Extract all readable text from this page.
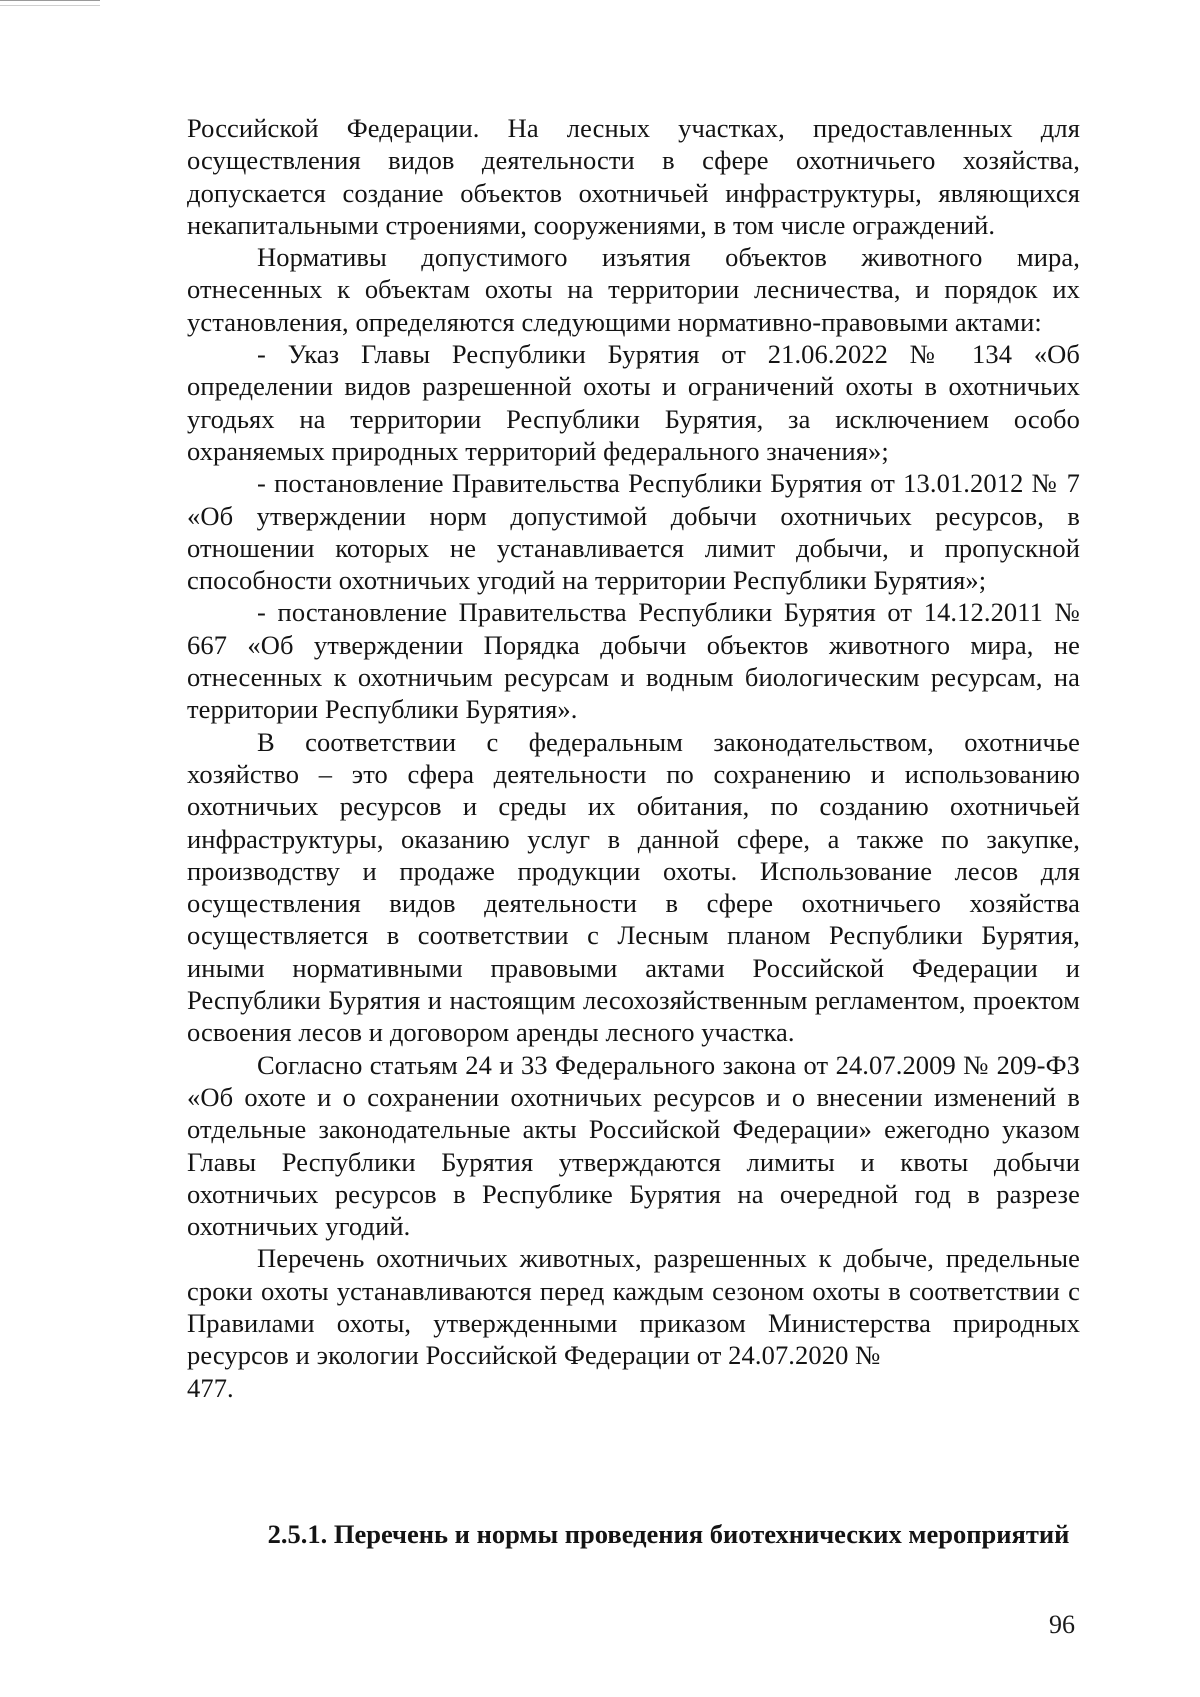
Российской Федерации. На лесных участках, предоставленных для осуществления видов деятельности в сфере охотничьего хозяйства, допускается создание объектов охотничьей инфраструктуры, являющихся некапитальными строениями, сооружениями, в том числе ограждений.

Нормативы допустимого изъятия объектов животного мира, отнесенных к объектам охоты на территории лесничества, и порядок их установления, определяются следующими нормативно-правовыми актами:

- Указ Главы Республики Бурятия от 21.06.2022 № 134 «Об определении видов разрешенной охоты и ограничений охоты в охотничьих угодьях на территории Республики Бурятия, за исключением особо охраняемых природных территорий федерального значения»;

- постановление Правительства Республики Бурятия от 13.01.2012 № 7 «Об утверждении норм допустимой добычи охотничьих ресурсов, в отношении которых не устанавливается лимит добычи, и пропускной способности охотничьих угодий на территории Республики Бурятия»;

- постановление Правительства Республики Бурятия от 14.12.2011 № 667 «Об утверждении Порядка добычи объектов животного мира, не отнесенных к охотничьим ресурсам и водным биологическим ресурсам, на территории Республики Бурятия».

В соответствии с федеральным законодательством, охотничье хозяйство – это сфера деятельности по сохранению и использованию охотничьих ресурсов и среды их обитания, по созданию охотничьей инфраструктуры, оказанию услуг в данной сфере, а также по закупке, производству и продаже продукции охоты. Использование лесов для осуществления видов деятельности в сфере охотничьего хозяйства осуществляется в соответствии с Лесным планом Республики Бурятия, иными нормативными правовыми актами Российской Федерации и Республики Бурятия и настоящим лесохозяйственным регламентом, проектом освоения лесов и договором аренды лесного участка.

Согласно статьям 24 и 33 Федерального закона от 24.07.2009 № 209-ФЗ «Об охоте и о сохранении охотничьих ресурсов и о внесении изменений в отдельные законодательные акты Российской Федерации» ежегодно указом Главы Республики Бурятия утверждаются лимиты и квоты добычи охотничьих ресурсов в Республике Бурятия на очередной год в разрезе охотничьих угодий.

Перечень охотничьих животных, разрешенных к добыче, предельные сроки охоты устанавливаются перед каждым сезоном охоты в соответствии с Правилами охоты, утвержденными приказом Министерства природных ресурсов и экологии Российской Федерации от 24.07.2020 №

477.

2.5.1. Перечень и нормы проведения биотехнических мероприятий
96
